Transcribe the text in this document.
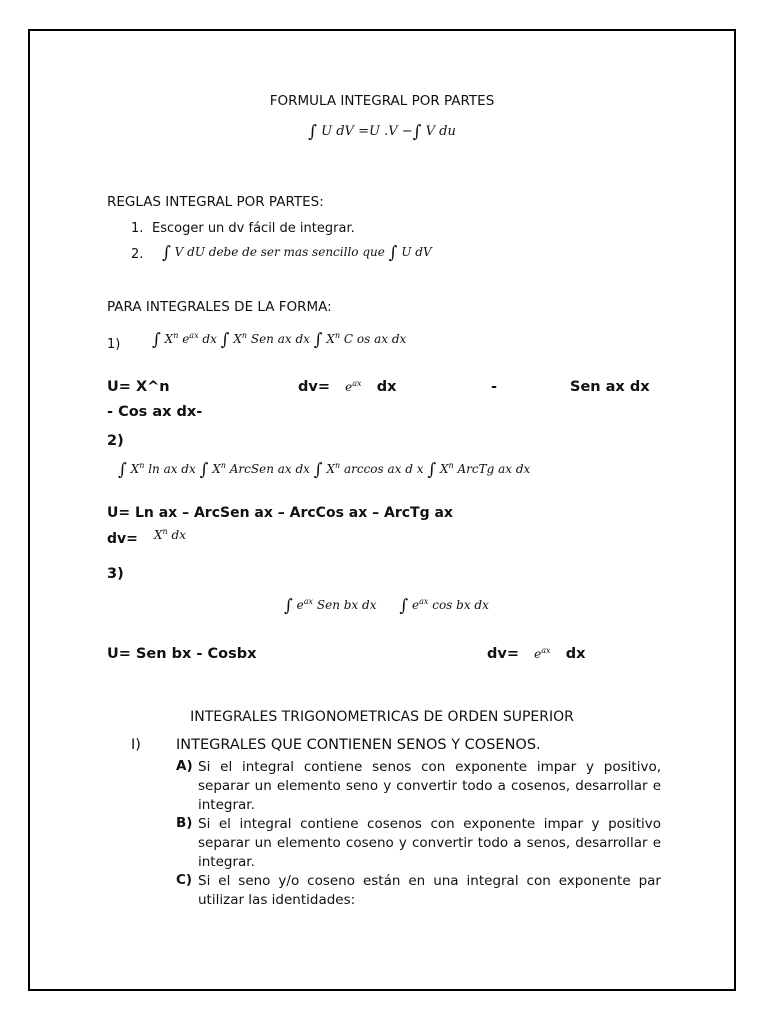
FORMULA INTEGRAL POR PARTES
∫ U dV =U .V −∫ V du
REGLAS INTEGRAL POR PARTES:
1. Escoger un dv fácil de integrar.
2. ∫ V dU debe de ser mas sencillo que ∫ U dV
PARA INTEGRALES DE LA FORMA:
1) ∫ $X^n$ $e^{ax}$ dx ∫ $X^n$ Sen ax dx ∫ $X^n$ C os ax dx
U= X^n	$dv= e^{ax}$ dx	-	Sen ax dx
- Cos ax dx-
2)
∫ $X^n$ ln ax dx ∫ $X^n$ ArcSen ax dx ∫ $X^n$ arccos ax d x ∫ $X^n$ ArcTg ax dx
U= Ln ax – ArcSen ax – ArcCos ax – ArcTg ax
$dv= X^n$ dx
3)
∫ $e^{ax}$ Sen bx dx      ∫ $e^{ax}$ cos bx dx
U= Sen bx - Cosbx	$dv= e^{ax}$ dx
INTEGRALES TRIGONOMETRICAS DE ORDEN SUPERIOR
I) INTEGRALES QUE CONTIENEN SENOS Y COSENOS.
A) Si el integral contiene senos con exponente impar y positivo, separar un elemento seno y convertir todo a cosenos, desarrollar e integrar.
B) Si el integral contiene cosenos con exponente impar y positivo separar un elemento coseno y convertir todo a senos, desarrollar e integrar.
C) Si el seno y/o coseno están en una integral con exponente par utilizar las identidades:
